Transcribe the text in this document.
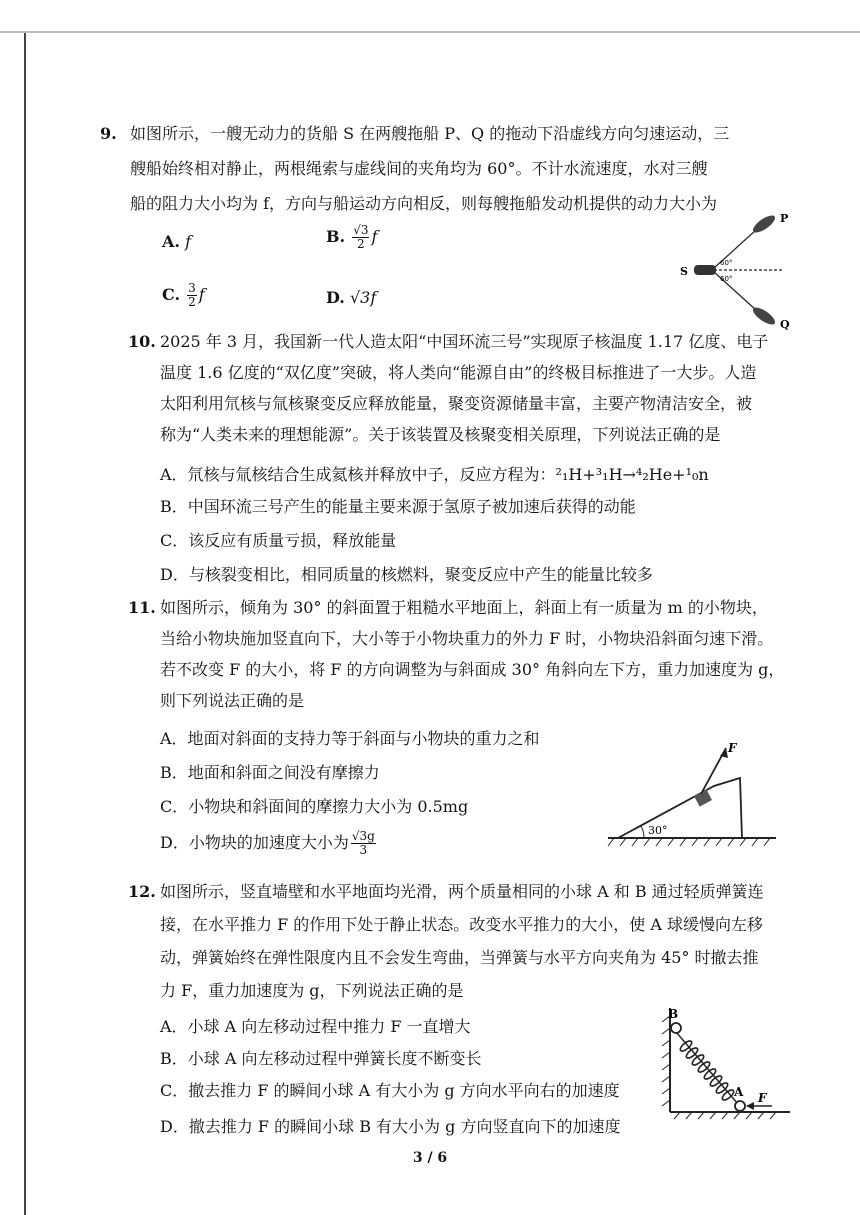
9. 如图所示，一艘无动力的货船 S 在两艘拖船 P、Q 的拖动下沿虚线方向匀速运动，三
艘船始终相对静止，两根绳索与虚线间的夹角均为 60°。不计水流速度，水对三艘
船的阻力大小均为 f，方向与船运动方向相反，则每艘拖船发动机提供的动力大小为
A. f	B. $\frac{√3}{2}$ f
C. $\frac{3}{2}$ f	D. √3f
S
P
Q
60°
60°
10. 2025 年 3 月，我国新一代人造太阳“中国环流三号”实现原子核温度 1.17 亿度、电子
温度 1.6 亿度的“双亿度”突破，将人类向“能源自由”的终极目标推进了一大步。人造
太阳利用氘核与氚核聚变反应释放能量，聚变资源储量丰富，主要产物清洁安全，被
称为“人类未来的理想能源”。关于该装置及核聚变相关原理，下列说法正确的是
A．氘核与氚核结合生成氦核并释放中子，反应方程为：²₁H+³₁H→⁴₂He+¹₀n
B．中国环流三号产生的能量主要来源于氢原子被加速后获得的动能
C．该反应有质量亏损，释放能量
D．与核裂变相比，相同质量的核燃料，聚变反应中产生的能量比较多
11. 如图所示，倾角为 30° 的斜面置于粗糙水平地面上，斜面上有一质量为 m 的小物块，
当给小物块施加竖直向下，大小等于小物块重力的外力 F 时，小物块沿斜面匀速下滑。
若不改变 F 的大小，将 F 的方向调整为与斜面成 30° 角斜向左下方，重力加速度为 g，
则下列说法正确的是
A．地面对斜面的支持力等于斜面与小物块的重力之和
B．地面和斜面之间没有摩擦力
C．小物块和斜面间的摩擦力大小为 0.5mg
D．小物块的加速度大小为 $\frac{√3g}{3}$	30°
F
12. 如图所示，竖直墙壁和水平地面均光滑，两个质量相同的小球 A 和 B 通过轻质弹簧连
接，在水平推力 F 的作用下处于静止状态。改变水平推力的大小，使 A 球缓慢向左移
动，弹簧始终在弹性限度内且不会发生弯曲，当弹簧与水平方向夹角为 45° 时撤去推
力 F，重力加速度为 g，下列说法正确的是
A．小球 A 向左移动过程中推力 F 一直增大
B．小球 A 向左移动过程中弹簧长度不断变长
C．撤去推力 F 的瞬间小球 A 有大小为 g 方向水平向右的加速度
D．撤去推力 F 的瞬间小球 B 有大小为 g 方向竖直向下的加速度
B
A F
3 / 6
